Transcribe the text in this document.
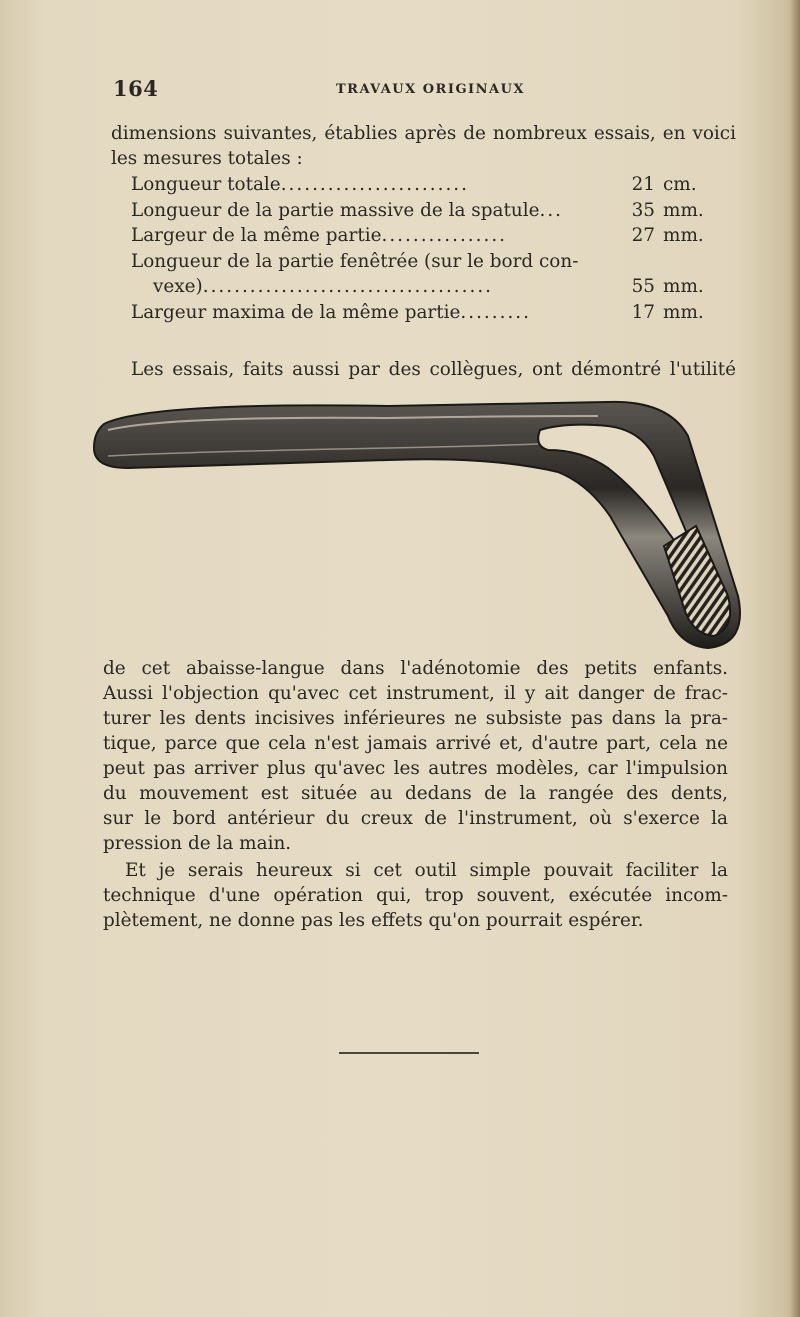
164	TRAVAUX ORIGINAUX
dimensions suivantes, établies après de nombreux essais, en voici
les mesures totales :
Longueur totale........................	21 cm.
Longueur de la partie massive de la spatule...	35 mm.
Largeur de la même partie................	27 mm.
Longueur de la partie fenêtrée (sur le bord con-
vexe).....................................	55 mm.
Largeur maxima de la même partie.........	17 mm.
Les essais, faits aussi par des collègues, ont démontré l'utilité
de cet abaisse-langue dans l'adénotomie des petits enfants.
Aussi l'objection qu'avec cet instrument, il y ait danger de frac-
turer les dents incisives inférieures ne subsiste pas dans la pra-
tique, parce que cela n'est jamais arrivé et, d'autre part, cela ne
peut pas arriver plus qu'avec les autres modèles, car l'impulsion
du mouvement est située au dedans de la rangée des dents,
sur le bord antérieur du creux de l'instrument, où s'exerce la
pression de la main.
Et je serais heureux si cet outil simple pouvait faciliter la
technique d'une opération qui, trop souvent, exécutée incom-
plètement, ne donne pas les effets qu'on pourrait espérer.
